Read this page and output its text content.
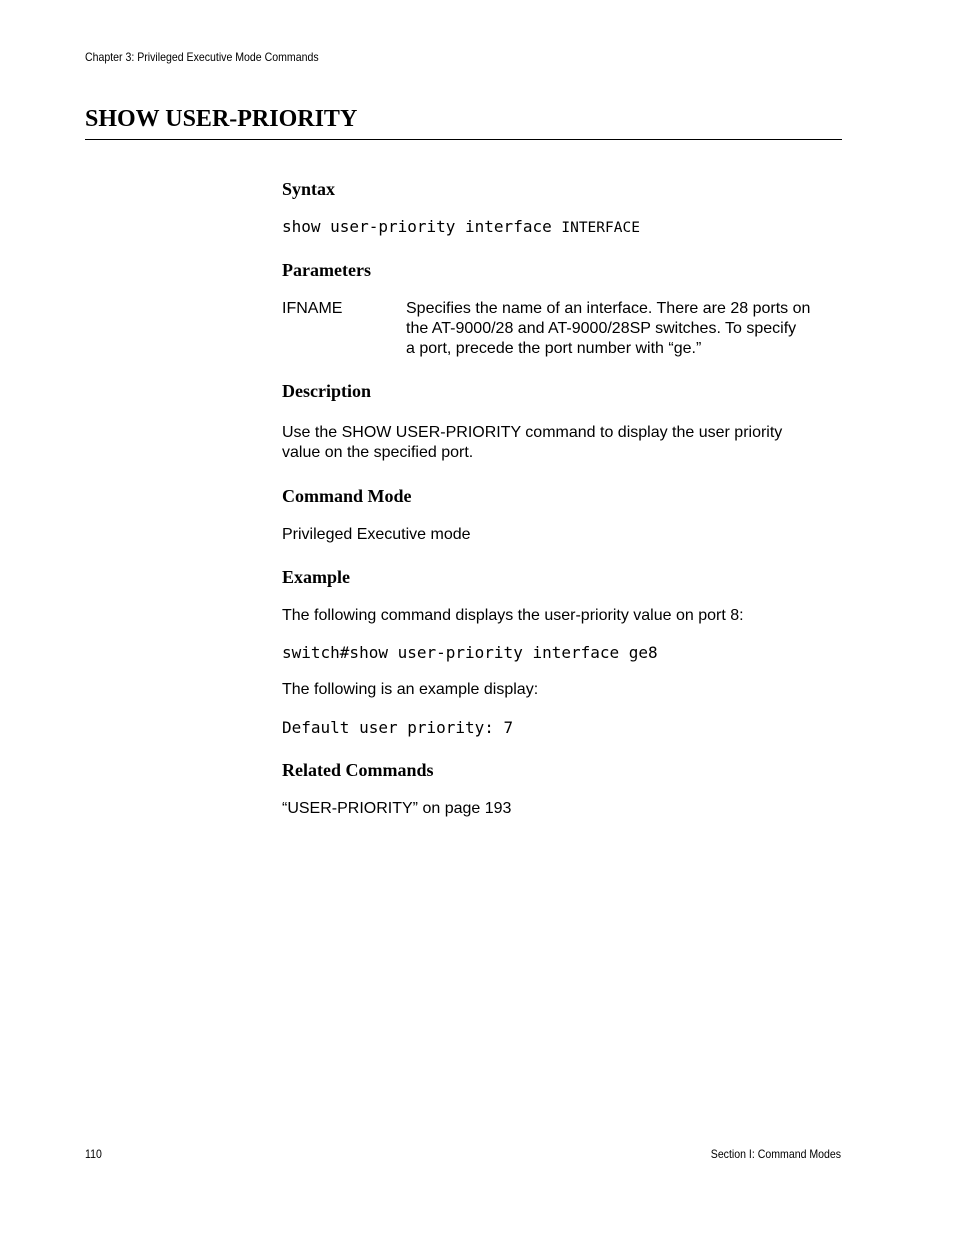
Chapter 3: Privileged Executive Mode Commands
SHOW USER-PRIORITY
Syntax
show user-priority interface INTERFACE
Parameters
IFNAME	Specifies the name of an interface. There are 28 ports on
the AT-9000/28 and AT-9000/28SP switches. To specify
a port, precede the port number with “ge.”
Description
Use the SHOW USER-PRIORITY command to display the user priority
value on the specified port.
Command Mode
Privileged Executive mode
Example
The following command displays the user-priority value on port 8:
switch#show user-priority interface ge8
The following is an example display:
Default user priority: 7
Related Commands
“USER-PRIORITY” on page 193
110	Section I: Command Modes
